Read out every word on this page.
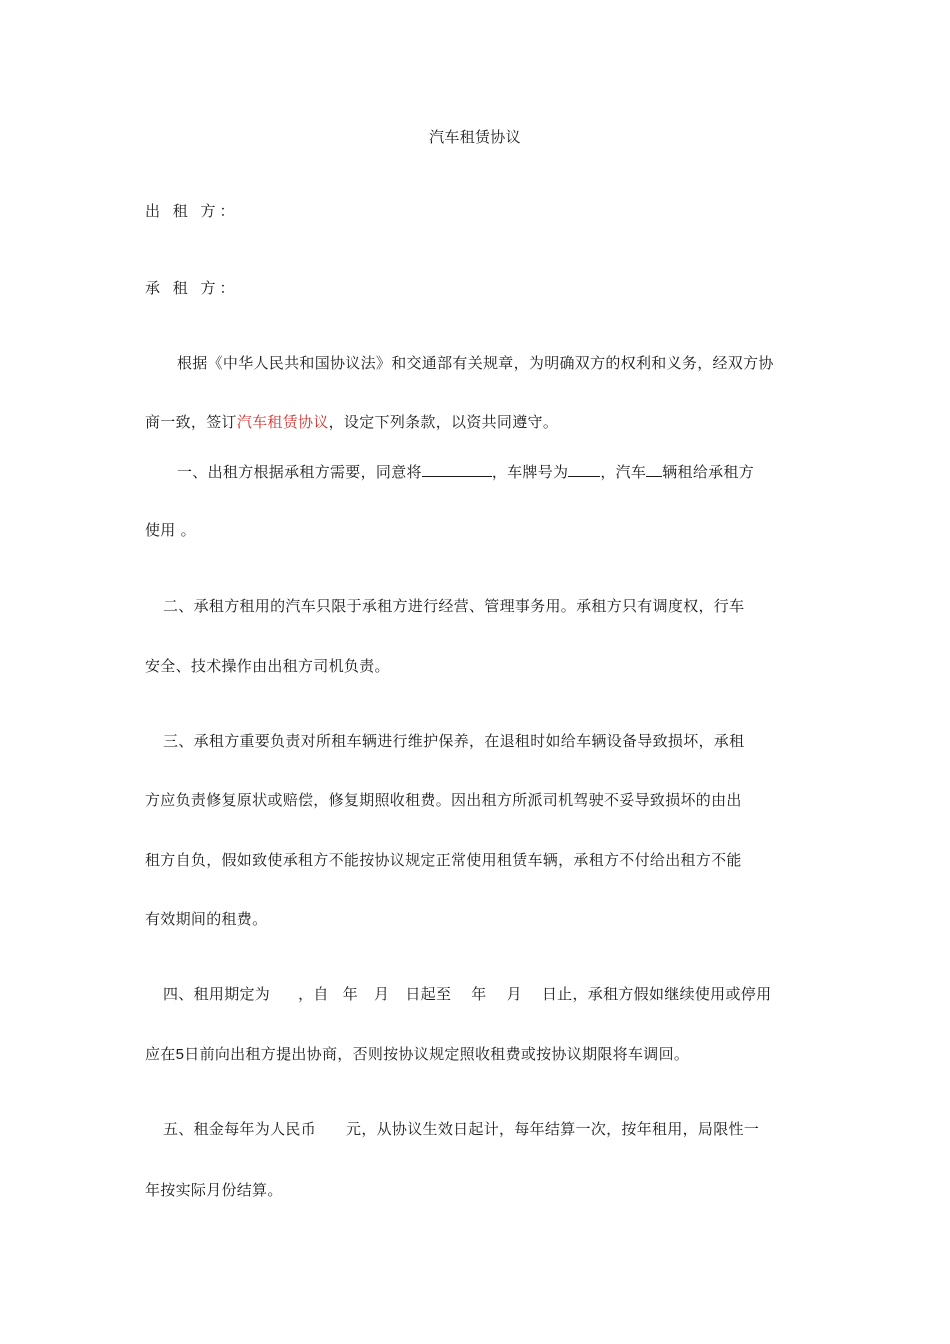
汽车租赁协议
出 租 方：
承 租 方：
根据《中华人民共和国协议法》和交通部有关规章，为明确双方的权利和义务，经双方协
商一致，签订汽车租赁协议，设定下列条款，以资共同遵守。
一、出租方根据承租方需要，同意将	，车牌号为 ，汽车 辆租给承租方
使用 。
二、承租方租用的汽车只限于承租方进行经营、管理事务用。承租方只有调度权，行车
安全、技术操作由出租方司机负责。
三、承租方重要负责对所租车辆进行维护保养，在退租时如给车辆设备导致损坏，承租
方应负责修复原状或赔偿，修复期照收租费。因出租方所派司机驾驶不妥导致损坏的由出
租方自负，假如致使承租方不能按协议规定正常使用租赁车辆，承租方不付给出租方不能
有效期间的租费。
四、租用期定为 ，自 年 月 日起至 年 月 日止，承租方假如继续使用或停用
应在5日前向出租方提出协商，否则按协议规定照收租费或按协议期限将车调回。
五、租金每年为人民币 元，从协议生效日起计，每年结算一次，按年租用，局限性一
年按实际月份结算。
